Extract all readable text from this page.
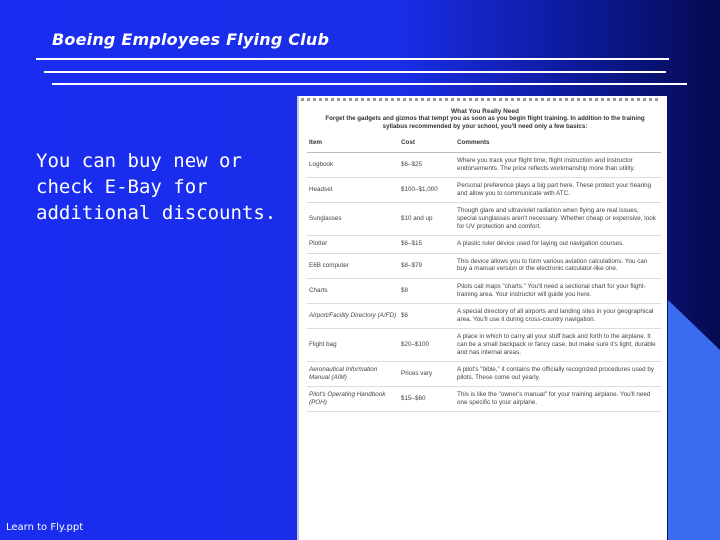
Boeing Employees Flying Club
You can buy new or check E-Bay for additional discounts.
What You Really Need
Forget the gadgets and gizmos that tempt you as soon as you begin flight training. In addition to the training syllabus recommended by your school, you'll need only a few basics:
Item	Cost	Comments
Logbook	$6–$25	Where you track your flight time, flight instruction and instructor endorsements. The price reflects workmanship more than utility.
Headset	$100–$1,000	Personal preference plays a big part here. These protect your hearing and allow you to communicate with ATC.
Sunglasses	$10 and up	Though glare and ultraviolet radiation when flying are real issues, special sunglasses aren't necessary. Whether cheap or expensive, look for UV protection and comfort.
Plotter	$6–$15	A plastic ruler device used for laying out navigation courses.
E6B computer	$8–$79	This device allows you to form various aviation calculations. You can buy a manual version or the electronic calculator-like one.
Charts	$8	Pilots call maps "charts." You'll need a sectional chart for your flight-training area. Your instructor will guide you here.
Airport/Facility Directory (A/FD)	$6	A special directory of all airports and landing sites in your geographical area. You'll use it during cross-country navigation.
Flight bag	$20–$100	A place in which to carry all your stuff back and forth to the airplane. It can be a small backpack or fancy case, but make sure it's light, durable and has internal areas.
Aeronautical Information Manual (AIM)	Prices vary	A pilot's "bible," it contains the officially recognized procedures used by pilots. These come out yearly.
Pilot's Operating Handbook (POH)	$15–$60	This is like the "owner's manual" for your training airplane. You'll need one specific to your airplane.
Learn to Fly.ppt
